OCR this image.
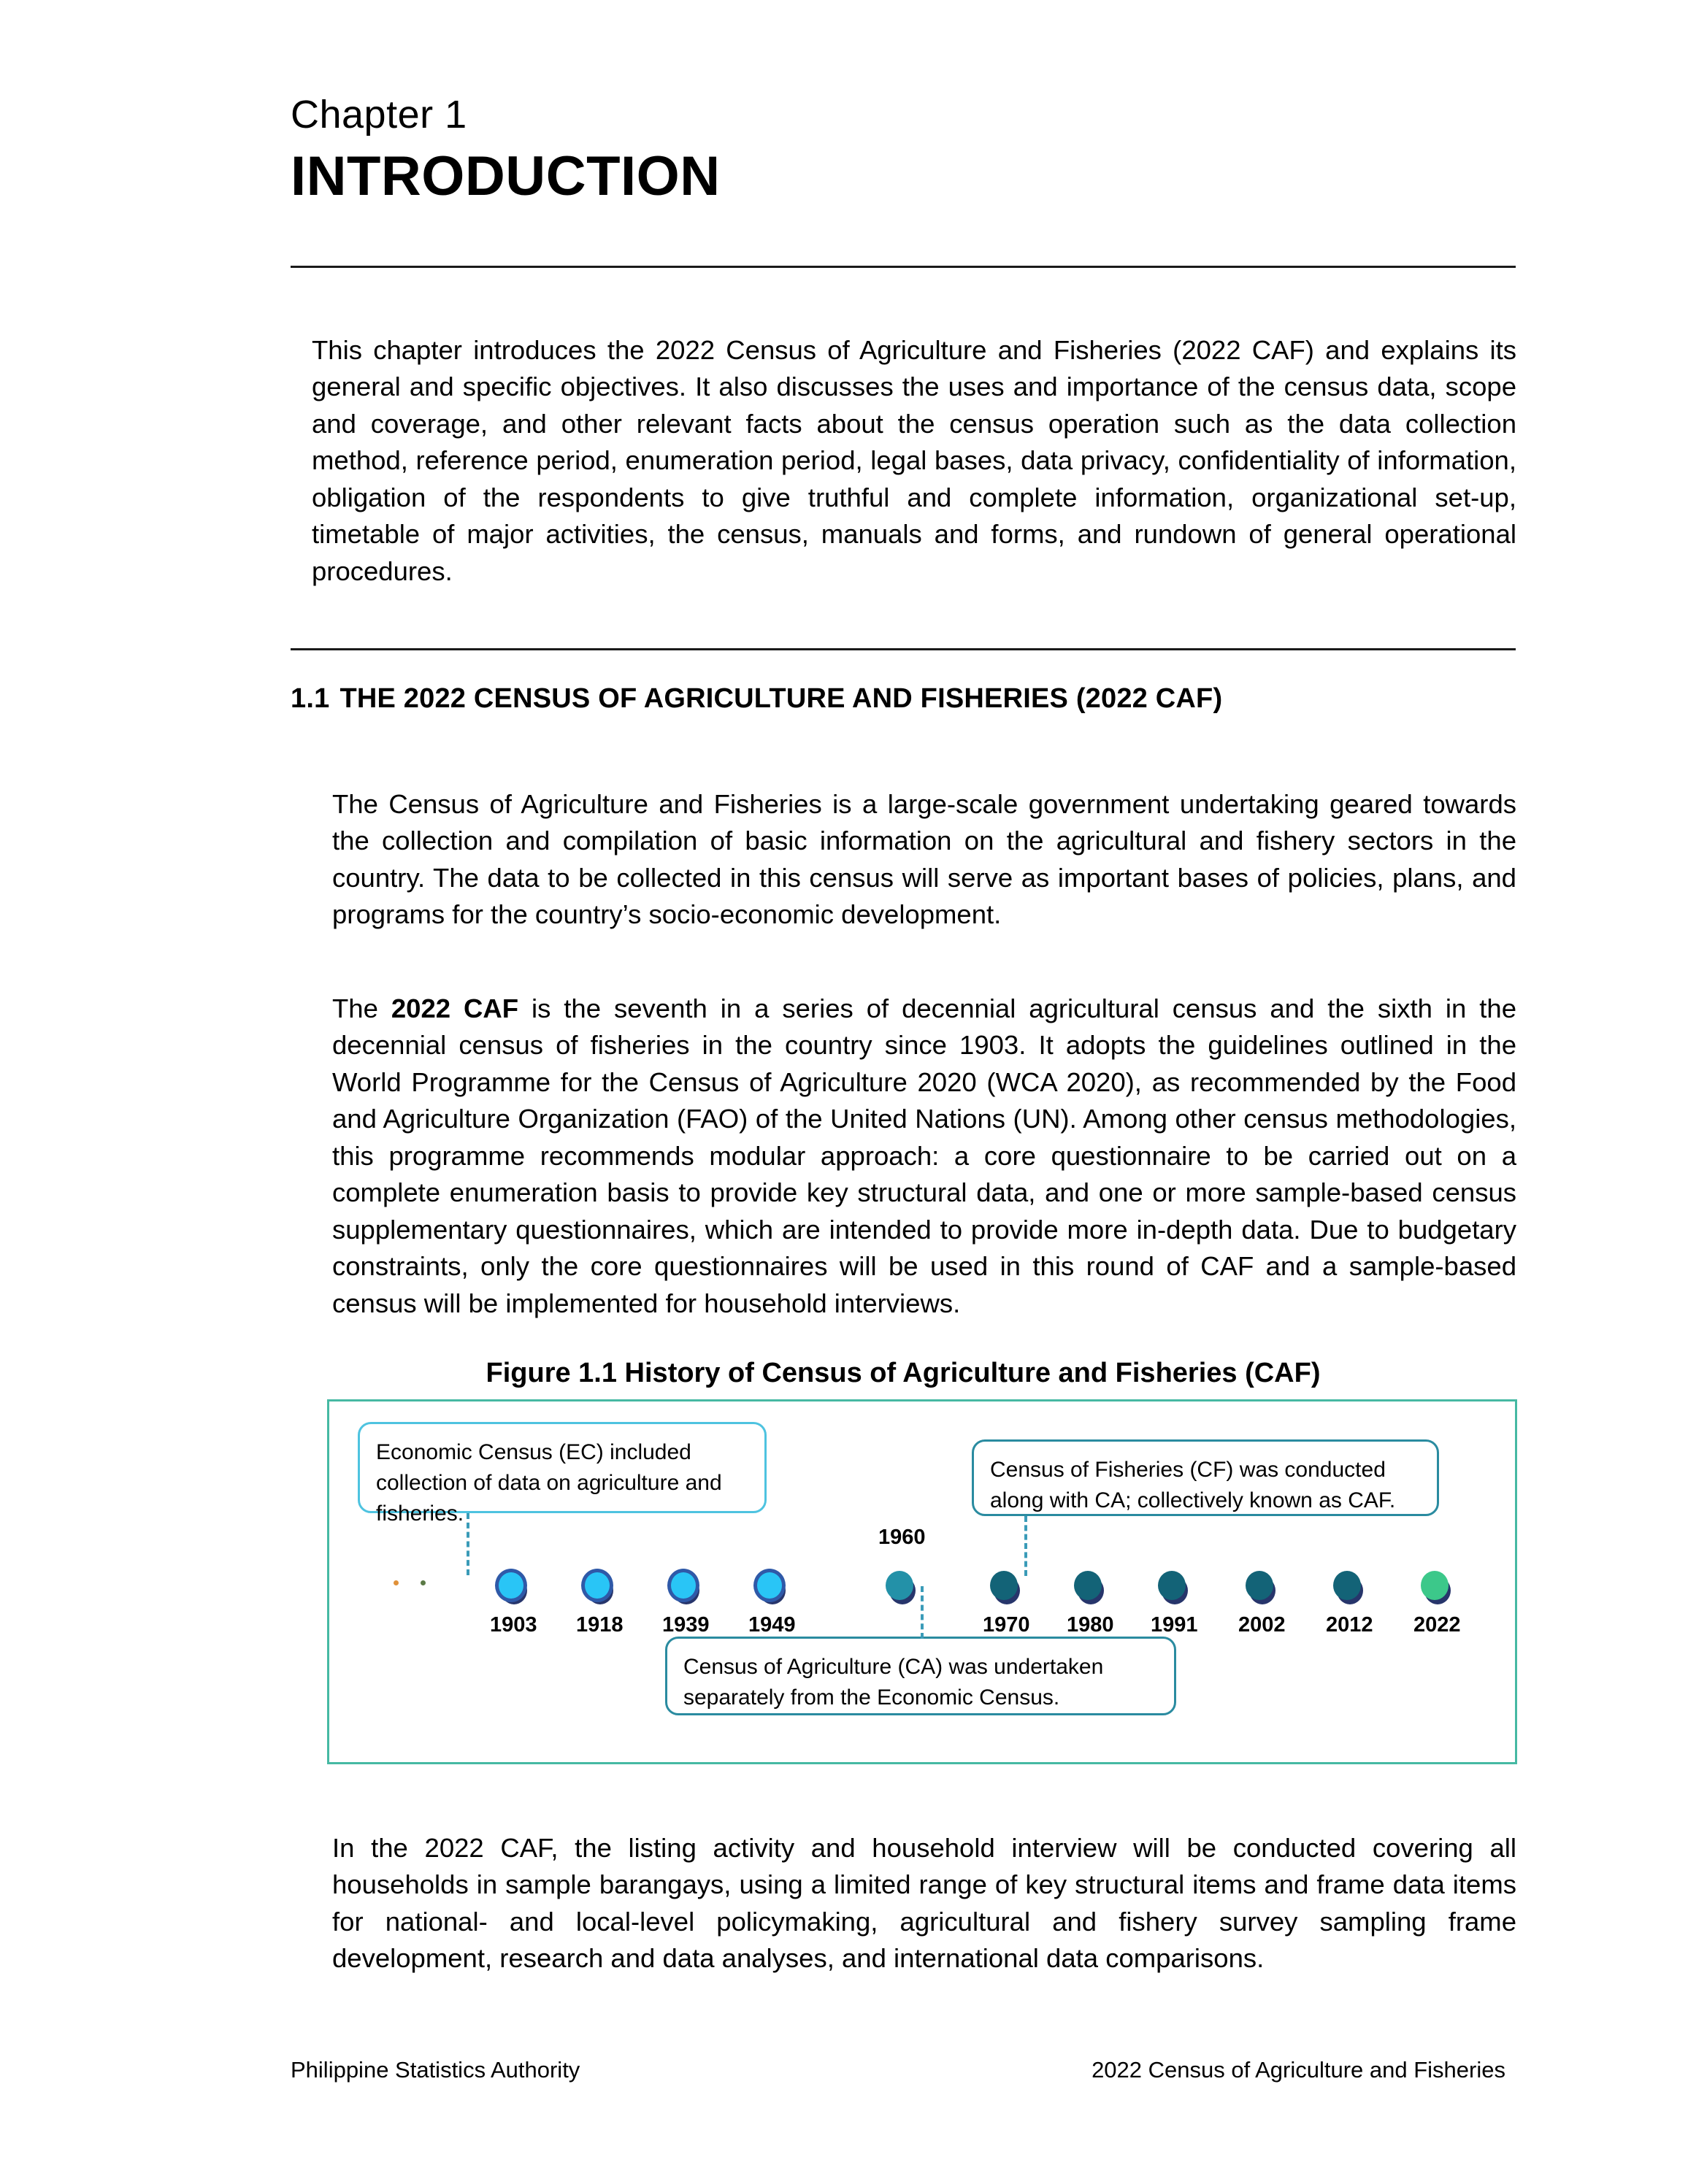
Chapter 1
INTRODUCTION

This chapter introduces the 2022 Census of Agriculture and Fisheries (2022 CAF) and explains its general and specific objectives. It also discusses the uses and importance of the census data, scope and coverage, and other relevant facts about the census operation such as the data collection method, reference period, enumeration period, legal bases, data privacy, confidentiality of information, obligation of the respondents to give truthful and complete information, organizational set-up, timetable of major activities, the census, manuals and forms, and rundown of general operational procedures.

1.1 THE 2022 CENSUS OF AGRICULTURE AND FISHERIES (2022 CAF)

The Census of Agriculture and Fisheries is a large-scale government undertaking geared towards the collection and compilation of basic information on the agricultural and fishery sectors in the country. The data to be collected in this census will serve as important bases of policies, plans, and programs for the country’s socio-economic development.

The 2022 CAF is the seventh in a series of decennial agricultural census and the sixth in the decennial census of fisheries in the country since 1903. It adopts the guidelines outlined in the World Programme for the Census of Agriculture 2020 (WCA 2020), as recommended by the Food and Agriculture Organization (FAO) of the United Nations (UN). Among other census methodologies, this programme recommends modular approach: a core questionnaire to be carried out on a complete enumeration basis to provide key structural data, and one or more sample-based census supplementary questionnaires, which are intended to provide more in-depth data. Due to budgetary constraints, only the core questionnaires will be used in this round of CAF and a sample-based census will be implemented for household interviews.

Figure 1.1 History of Census of Agriculture and Fisheries (CAF)
Economic Census (EC) included collection of data on agriculture and fisheries.
Census of Fisheries (CF) was conducted along with CA; collectively known as CAF.
Census of Agriculture (CA) was undertaken separately from the Economic Census.
1903 1918 1939 1949
1960
1970 1980 1991 2002 2012 2022

In the 2022 CAF, the listing activity and household interview will be conducted covering all households in sample barangays, using a limited range of key structural items and frame data items for national- and local-level policymaking, agricultural and fishery survey sampling frame development, research and data analyses, and international data comparisons.

Philippine Statistics Authority	2022 Census of Agriculture and Fisheries
